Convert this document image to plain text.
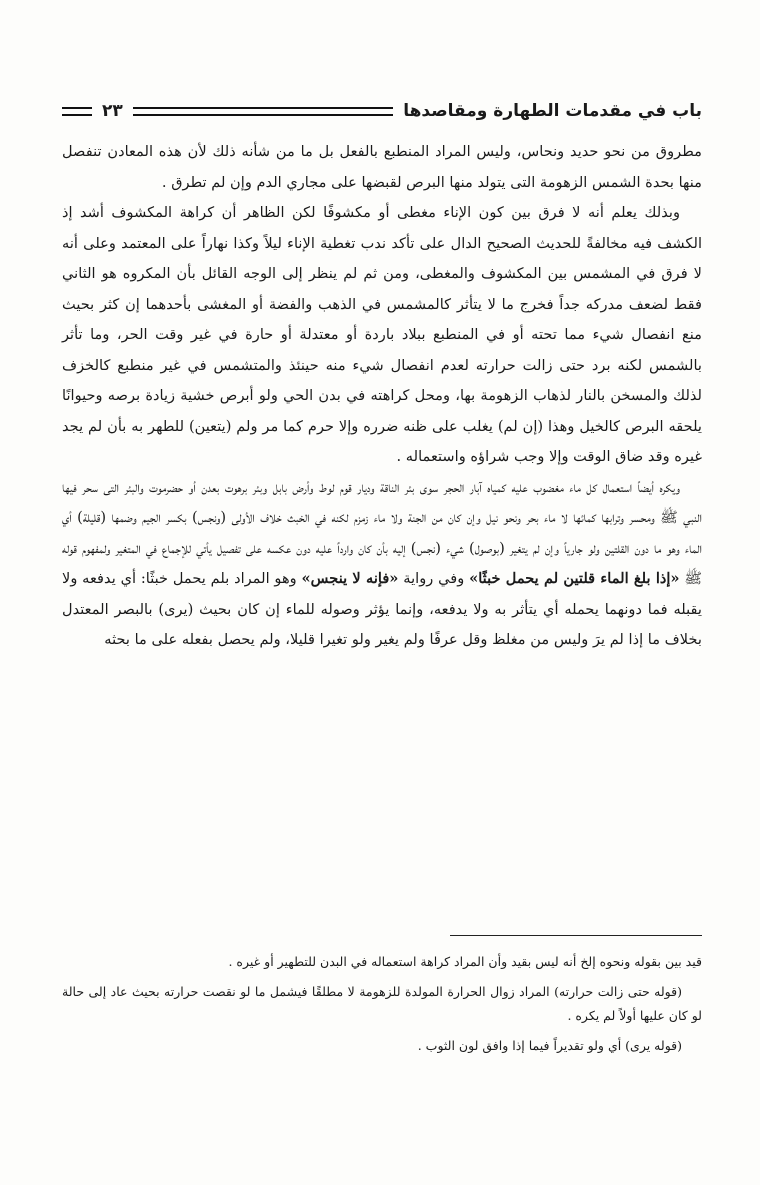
باب في مقدمات الطهارة ومقاصدها
٢٣

مطروق من نحو حديد ونحاس، وليس المراد المنطبع بالفعل بل ما من شأنه ذلك لأن هذه المعادن تنفصل منها بحدة الشمس الزهومة التى يتولد منها البرص لقبضها على مجاري الدم وإن لم تطرق .

وبذلك يعلم أنه لا فرق بين كون الإناء مغطى أو مكشوفًا لكن الظاهر أن كراهة المكشوف أشد إذ الكشف فيه مخالفةً للحديث الصحيح الدال على تأكد ندب تغطية الإناء ليلاً وكذا نهاراً على المعتمد وعلى أنه لا فرق في المشمس بين المكشوف والمغطى، ومن ثم لم ينظر إلى الوجه القائل بأن المكروه هو الثاني فقط لضعف مدركه جداً فخرج ما لا يتأثر كالمشمس في الذهب والفضة أو المغشى بأحدهما إن كثر بحيث منع انفصال شيء مما تحته أو في المنطبع ببلاد باردة أو معتدلة أو حارة في غير وقت الحر، وما تأثر بالشمس لكنه برد حتى زالت حرارته لعدم انفصال شيء منه حينئذ والمتشمس في غير منطبع كالخزف لذلك والمسخن بالنار لذهاب الزهومة بها، ومحل كراهته في بدن الحي ولو أبرص خشية زيادة برصه وحيوانًا يلحقه البرص كالخيل وهذا (إن لم) يغلب على ظنه ضرره وإلا حرم كما مر ولم (يتعين) للطهر به بأن لم يجد غيره وقد ضاق الوقت وإلا وجب شراؤه واستعماله .

ويكره أيضاً استعمال كل ماء مغضوب عليه كمياه آبار الحجر سوى بئر الناقة وديار قوم لوط وأرض بابل وبئر برهوت بعدن أو حضرموت والبئر التى سحر فيها النبي ﷺ ومحسر وترابها كمائها لا ماء بحر ونحو نيل وإن كان من الجنة ولا ماء زمزم لكنه في الخبث خلاف الأولى (ونجس) بكسر الجيم وضمها (قليلة) أي الماء وهو ما دون القلتين ولو جارياً وإن لم يتغير (بوصول) شيء (نجس) إليه بأن كان وارداً عليه دون عكسه على تفصيل يأتي للإجماع في المتغير ولمفهوم قوله ﷺ «إذا بلغ الماء قلتين لم يحمل خبثًا» وفي رواية «فإنه لا ينجس» وهو المراد بلم يحمل خبثًا: أي يدفعه ولا يقبله فما دونهما يحمله أي يتأثر به ولا يدفعه، وإنما يؤثر وصوله للماء إن كان بحيث (يرى) بالبصر المعتدل بخلاف ما إذا لم يرَ وليس من مغلظ وقل عرفًا ولم يغير ولو تغيرا قليلا، ولم يحصل بفعله على ما بحثه

قيد بين بقوله ونحوه إلخ أنه ليس بقيد وأن المراد كراهة استعماله في البدن للتطهير أو غيره .

(قوله حتى زالت حرارته) المراد زوال الحرارة المولدة للزهومة لا مطلقًا فيشمل ما لو نقصت حرارته بحيث عاد إلى حالة لو كان عليها أولاً لم يكره .

(قوله يرى) أي ولو تقديراً فيما إذا وافق لون الثوب .
